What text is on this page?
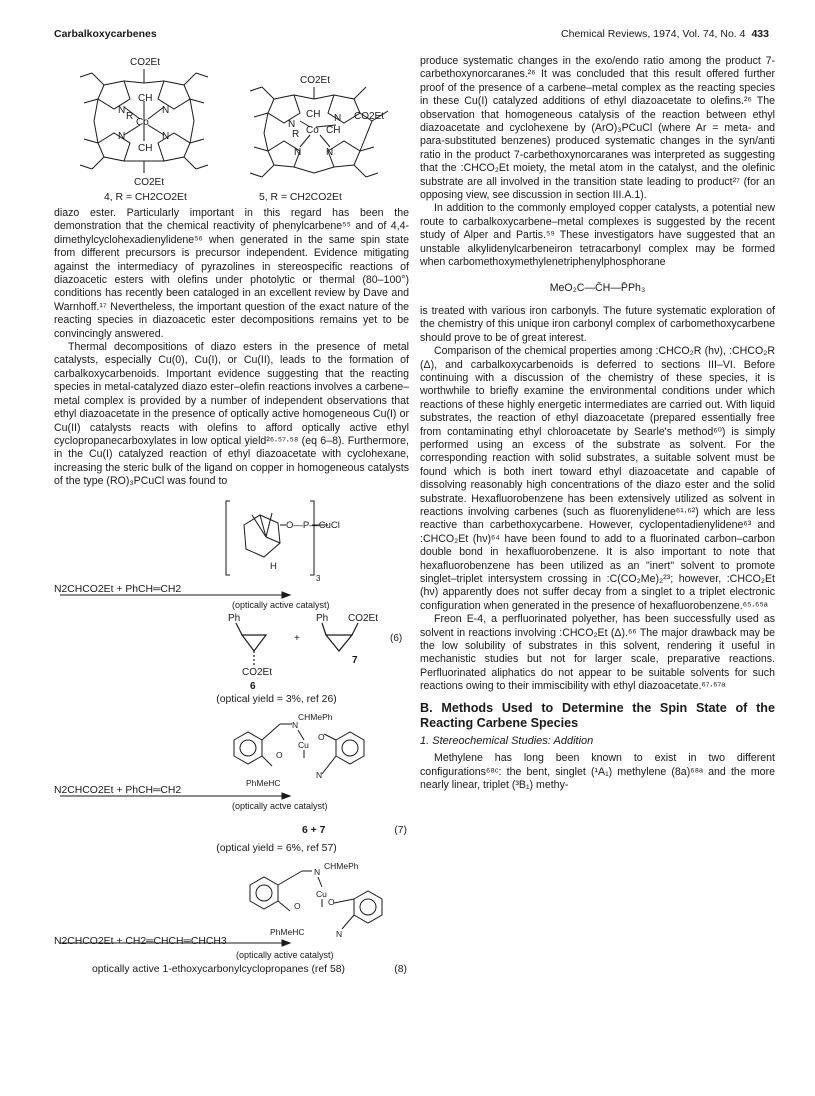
Carbalkoxycarbenes	Chemical Reviews, 1974, Vol. 74, No. 4 433
CO2Et
CO2Et
CH
CH
Co
N	N
N	N
R
CO2Et
CO2Et
CH
Co CH
N
N
N N
R
4, R = CH2CO2Et	5, R = CH2CO2Et

diazo ester. Particularly important in this regard has been the demonstration that the chemical reactivity of phenylcarbene⁵⁵ and of 4,4-dimethylcyclohexadienylidene⁵⁶ when generated in the same spin state from different precursors is precursor independent. Evidence mitigating against the intermediacy of pyrazolines in stereospecific reactions of diazoacetic esters with olefins under photolytic or thermal (80–100°) conditions has recently been cataloged in an excellent review by Dave and Warnhoff.¹⁷ Nevertheless, the important question of the exact nature of the reacting species in diazoacetic ester decompositions remains yet to be convincingly answered.

Thermal decompositions of diazo esters in the presence of metal catalysts, especially Cu(0), Cu(I), or Cu(II), leads to the formation of carbalkoxycarbenoids. Important evidence suggesting that the reacting species in metal-catalyzed diazo ester–olefin reactions involves a carbene–metal complex is provided by a number of independent observations that ethyl diazoacetate in the presence of optically active homogeneous Cu(I) or Cu(II) catalysts reacts with olefins to afford optically active ethyl cyclopropanecarboxylates in low optical yield²⁶·⁵⁷·⁵⁸ (eq 6–8). Furthermore, in the Cu(I) catalyzed reaction of ethyl diazoacetate with cyclohexane, increasing the steric bulk of the ligand on copper in homogeneous catalysts of the type (RO)₃PCuCl was found to

O—P—CuCl
H
3
N2CHCO2Et + PhCH═CH2
(optically active catalyst)
Ph
CO2Et
+
Ph CO2Et
(6)
7
6
(optical yield = 3%, ref 26)
CHMePh
N
Cu
O
O
N
PhMeHC
N2CHCO2Et + PhCH═CH2
(optically actve catalyst)
6 + 7	(7)
(optical yield = 6%, ref 57)
CHMePh
N
Cu
O	O
N
PhMeHC
N2CHCO2Et + CH2═CHCH═CHCH3
(optically active catalyst)
optically active 1-ethoxycarbonylcyclopropanes (ref 58)	(8)

produce systematic changes in the exo/endo ratio among the product 7-carbethoxynorcaranes.²⁶ It was concluded that this result offered further proof of the presence of a carbene–metal complex as the reacting species in these Cu(I) catalyzed additions of ethyl diazoacetate to olefins.²⁶ The observation that homogeneous catalysis of the reaction between ethyl diazoacetate and cyclohexene by (ArO)₃PCuCl (where Ar = meta- and para-substituted benzenes) produced systematic changes in the syn/anti ratio in the product 7-carbethoxynorcaranes was interpreted as suggesting that the :CHCO₂Et moiety, the metal atom in the catalyst, and the olefinic substrate are all involved in the transition state leading to product²⁷ (for an opposing view, see discussion in section III.A.1).

In addition to the commonly employed copper catalysts, a potential new route to carbalkoxycarbene–metal complexes is suggested by the recent study of Alper and Partis.⁵⁹ These investigators have suggested that an unstable alkylidenylcarbeneiron tetracarbonyl complex may be formed when carbomethoxymethylenetriphenylphosphorane

MeO₂C—C̄H—P̄Ph₃

is treated with various iron carbonyls. The future systematic exploration of the chemistry of this unique iron carbonyl complex of carbomethoxycarbene should prove to be of great interest.

Comparison of the chemical properties among :CHCO₂R (hν), :CHCO₂R (Δ), and carbalkoxycarbenoids is deferred to sections III–VI. Before continuing with a discussion of the chemistry of these species, it is worthwhile to briefly examine the environmental conditions under which reactions of these highly energetic intermediates are carried out. With liquid substrates, the reaction of ethyl diazoacetate (prepared essentially free from contaminating ethyl chloroacetate by Searle's method⁶⁰) is simply performed using an excess of the substrate as solvent. For the corresponding reaction with solid substrates, a suitable solvent must be found which is both inert toward ethyl diazoacetate and capable of dissolving reasonably high concentrations of the diazo ester and the solid substrate. Hexafluorobenzene has been extensively utilized as solvent in reactions involving carbenes (such as fluorenylidene⁶¹·⁶²) which are less reactive than carbethoxycarbene. However, cyclopentadienylidene⁶³ and :CHCO₂Et (hν)⁶⁴ have been found to add to a fluorinated carbon–carbon double bond in hexafluorobenzene. It is also important to note that hexafluorobenzene has been utilized as an "inert" solvent to promote singlet–triplet intersystem crossing in :C(CO₂Me)₂²³; however, :CHCO₂Et (hν) apparently does not suffer decay from a singlet to a triplet electronic configuration when generated in the presence of hexafluorobenzene.⁶⁵·⁶⁵ᵃ

Freon E-4, a perfluorinated polyether, has been successfully used as solvent in reactions involving :CHCO₂Et (Δ).⁶⁶ The major drawback may be the low solubility of substrates in this solvent, rendering it useful in mechanistic studies but not for larger scale, preparative reactions. Perfluorinated aliphatics do not appear to be suitable solvents for such reactions owing to their immiscibility with ethyl diazoacetate.⁶⁷·⁶⁷ᵃ

B. Methods Used to Determine the Spin State of the Reacting Carbene Species
1. Stereochemical Studies: Addition

Methylene has long been known to exist in two different configurations⁶⁸ᶜ: the bent, singlet (¹A₁) methylene (8a)⁶⁸ᵃ and the more nearly linear, triplet (³B₁) methy-
